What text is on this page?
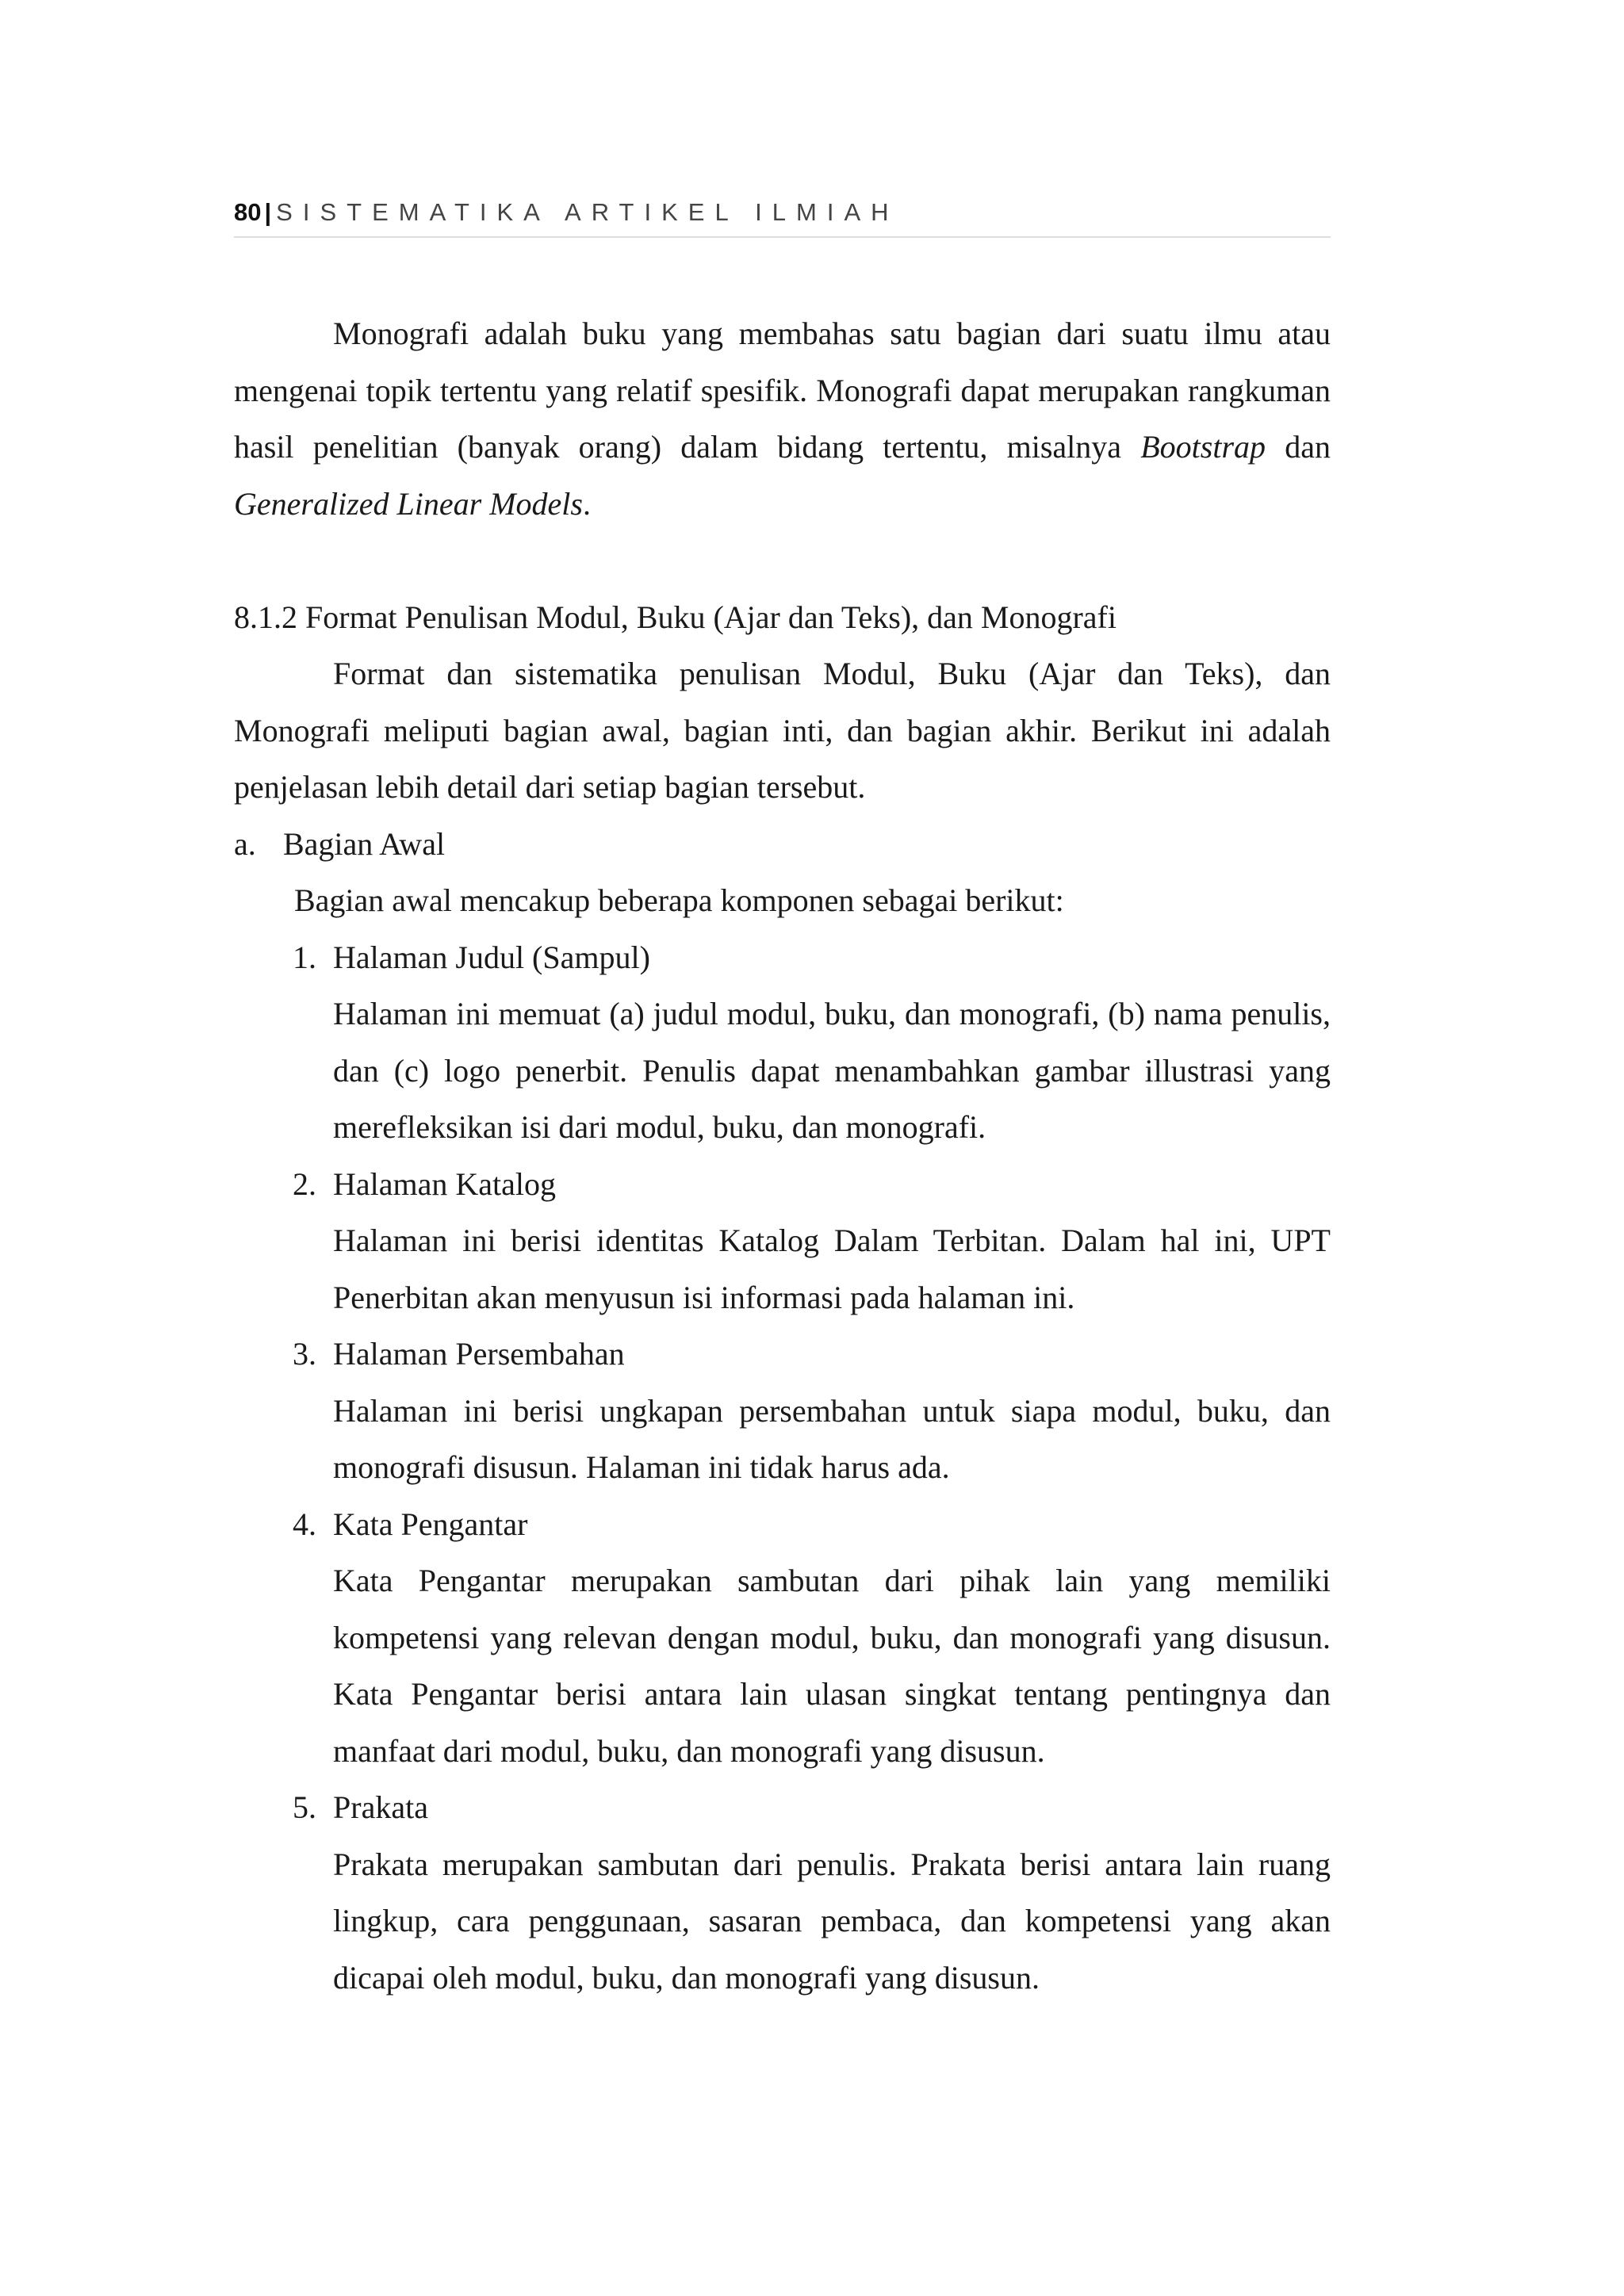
80 | SISTEMATIKA ARTIKEL ILMIAH

Monografi adalah buku yang membahas satu bagian dari suatu ilmu atau mengenai topik tertentu yang relatif spesifik. Monografi dapat merupakan rangkuman hasil penelitian (banyak orang) dalam bidang tertentu, misalnya Bootstrap dan Generalized Linear Models.

8.1.2 Format Penulisan Modul, Buku (Ajar dan Teks), dan Monografi

Format dan sistematika penulisan Modul, Buku (Ajar dan Teks), dan Monografi meliputi bagian awal, bagian inti, dan bagian akhir. Berikut ini adalah penjelasan lebih detail dari setiap bagian tersebut.

a. Bagian Awal

Bagian awal mencakup beberapa komponen sebagai berikut:

1. Halaman Judul (Sampul)

Halaman ini memuat (a) judul modul, buku, dan monografi, (b) nama penulis, dan (c) logo penerbit. Penulis dapat menambahkan gambar illustrasi yang merefleksikan isi dari modul, buku, dan monografi.

2. Halaman Katalog

Halaman ini berisi identitas Katalog Dalam Terbitan. Dalam hal ini, UPT Penerbitan akan menyusun isi informasi pada halaman ini.

3. Halaman Persembahan

Halaman ini berisi ungkapan persembahan untuk siapa modul, buku, dan monografi disusun. Halaman ini tidak harus ada.

4. Kata Pengantar

Kata Pengantar merupakan sambutan dari pihak lain yang memiliki kompetensi yang relevan dengan modul, buku, dan monografi yang disusun. Kata Pengantar berisi antara lain ulasan singkat tentang pentingnya dan manfaat dari modul, buku, dan monografi yang disusun.

5. Prakata

Prakata merupakan sambutan dari penulis. Prakata berisi antara lain ruang lingkup, cara penggunaan, sasaran pembaca, dan kompetensi yang akan dicapai oleh modul, buku, dan monografi yang disusun.
